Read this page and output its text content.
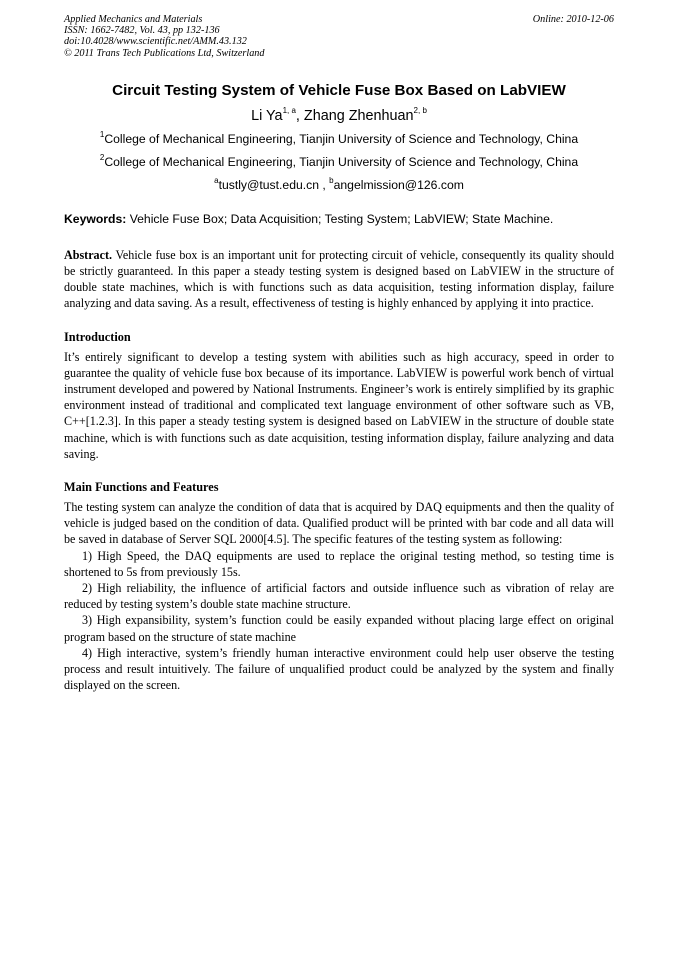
Applied Mechanics and Materials
ISSN: 1662-7482, Vol. 43, pp 132-136
doi:10.4028/www.scientific.net/AMM.43.132
© 2011 Trans Tech Publications Ltd, Switzerland
Online: 2010-12-06
Circuit Testing System of Vehicle Fuse Box Based on LabVIEW
Li Ya$^{1, a}$, Zhang Zhenhuan$^{2, b}$
$^1$College of Mechanical Engineering, Tianjin University of Science and Technology, China
$^2$College of Mechanical Engineering, Tianjin University of Science and Technology, China
$^a$tustly@tust.edu.cn , $^b$angelmission@126.com
Keywords: Vehicle Fuse Box; Data Acquisition; Testing System; LabVIEW; State Machine.

Abstract. Vehicle fuse box is an important unit for protecting circuit of vehicle, consequently its quality should be strictly guaranteed. In this paper a steady testing system is designed based on LabVIEW in the structure of double state machines, which is with functions such as data acquisition, testing information display, failure analyzing and data saving. As a result, effectiveness of testing is highly enhanced by applying it into practice.

Introduction

It’s entirely significant to develop a testing system with abilities such as high accuracy, speed in order to guarantee the quality of vehicle fuse box because of its importance. LabVIEW is powerful work bench of virtual instrument developed and powered by National Instruments. Engineer’s work is entirely simplified by its graphic environment instead of traditional and complicated text language environment of other software such as VB, C++[1.2.3]. In this paper a steady testing system is designed based on LabVIEW in the structure of double state machine, which is with functions such as date acquisition, testing information display, failure analyzing and data saving.

Main Functions and Features

The testing system can analyze the condition of data that is acquired by DAQ equipments and then the quality of vehicle is judged based on the condition of data. Qualified product will be printed with bar code and all data will be saved in database of Server SQL 2000[4.5]. The specific features of the testing system as following:

1) High Speed, the DAQ equipments are used to replace the original testing method, so testing time is shortened to 5s from previously 15s.

2) High reliability, the influence of artificial factors and outside influence such as vibration of relay are reduced by testing system’s double state machine structure.

3) High expansibility, system’s function could be easily expanded without placing large effect on original program based on the structure of state machine

4) High interactive, system’s friendly human interactive environment could help user observe the testing process and result intuitively. The failure of unqualified product could be analyzed by the system and finally displayed on the screen.
